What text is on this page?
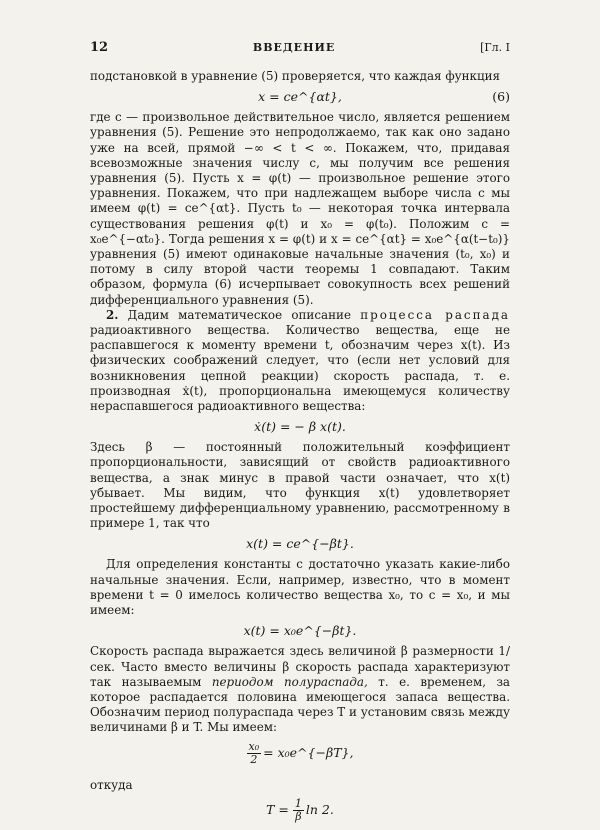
12	ВВЕДЕНИЕ	[Гл. I

подстановкой в уравнение (5) проверяется, что каждая функция

x = ce^{αt},	(6)

где c — произвольное действительное число, является решением уравнения (5). Решение это непродолжаемо, так как оно задано уже на всей, прямой −∞ < t < ∞. Покажем, что, придавая всевозможные значения числу c, мы получим все решения уравнения (5). Пусть x = φ(t) — произвольное решение этого уравнения. Покажем, что при надлежащем выборе числа c мы имеем φ(t) = ce^{αt}. Пусть t₀ — некоторая точка интервала существования решения φ(t) и x₀ = φ(t₀). Положим c = x₀e^{−αt₀}. Тогда решения x = φ(t) и x = ce^{αt} = x₀e^{α(t−t₀)} уравнения (5) имеют одинаковые начальные значения (t₀, x₀) и потому в силу второй части теоремы 1 совпадают. Таким образом, формула (6) исчерпывает совокупность всех решений дифференциального уравнения (5).

2. Дадим математическое описание процесса распада радиоактивного вещества. Количество вещества, еще не распавшегося к моменту времени t, обозначим через x(t). Из физических соображений следует, что (если нет условий для возникновения цепной реакции) скорость распада, т. е. производная ẋ(t), пропорциональна имеющемуся количеству нераспавшегося радиоактивного вещества:

ẋ(t) = − β x(t).

Здесь β — постоянный положительный коэффициент пропорциональности, зависящий от свойств радиоактивного вещества, а знак минус в правой части означает, что x(t) убывает. Мы видим, что функция x(t) удовлетворяет простейшему дифференциальному уравнению, рассмотренному в примере 1, так что

x(t) = ce^{−βt}.

Для определения константы c достаточно указать какие-либо начальные значения. Если, например, известно, что в момент времени t = 0 имелось количество вещества x₀, то c = x₀, и мы имеем:

x(t) = x₀e^{−βt}.

Скорость распада выражается здесь величиной β размерности 1/сек. Часто вместо величины β скорость распада характеризуют так называемым периодом полураспада, т. е. временем, за которое распадается половина имеющегося запаса вещества. Обозначим период полураспада через T и установим связь между величинами β и T. Мы имеем:

$\frac{\text{x₀}}{2}$ = x₀e^{−βT},

откуда

$T = \frac{1}{\beta}$ ln 2.
